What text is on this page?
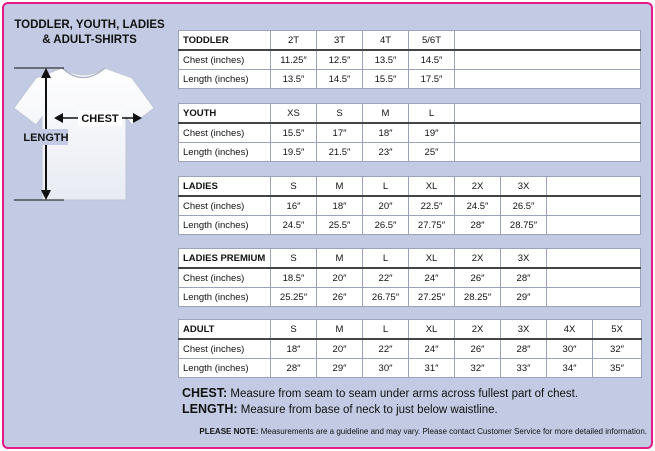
TODDLER, YOUTH, LADIES
& ADULT-SHIRTS
LENGTH
CHEST
TODDLER	2T	3T	4T	5/6T	
Chest (inches)	11.25″	12.5″	13.5″	14.5″	
Length (inches)	13.5″	14.5″	15.5″	17.5″	
YOUTH	XS	S	M	L	
Chest (inches)	15.5″	17″	18″	19″	
Length (inches)	19.5″	21.5″	23″	25″	
LADIES	S	M	L	XL	2X	3X	
Chest (inches)	16″	18″	20″	22.5″	24.5″	26.5″	
Length (inches)	24.5″	25.5″	26.5″	27.75″	28″	28.75″	
LADIES PREMIUM	S	M	L	XL	2X	3X	
Chest (inches)	18.5″	20″	22″	24″	26″	28″	
Length (inches)	25.25″	26″	26.75″	27.25″	28.25″	29″	
ADULT	S	M	L	XL	2X	3X	4X	5X
Chest (inches)	18″	20″	22″	24″	26″	28″	30″	32″
Length (inches)	28″	29″	30″	31″	32″	33″	34″	35″
CHEST: Measure from seam to seam under arms across fullest part of chest.
LENGTH: Measure from base of neck to just below waistline.
PLEASE NOTE: Measurements are a guideline and may vary. Please contact Customer Service for more detailed information.
